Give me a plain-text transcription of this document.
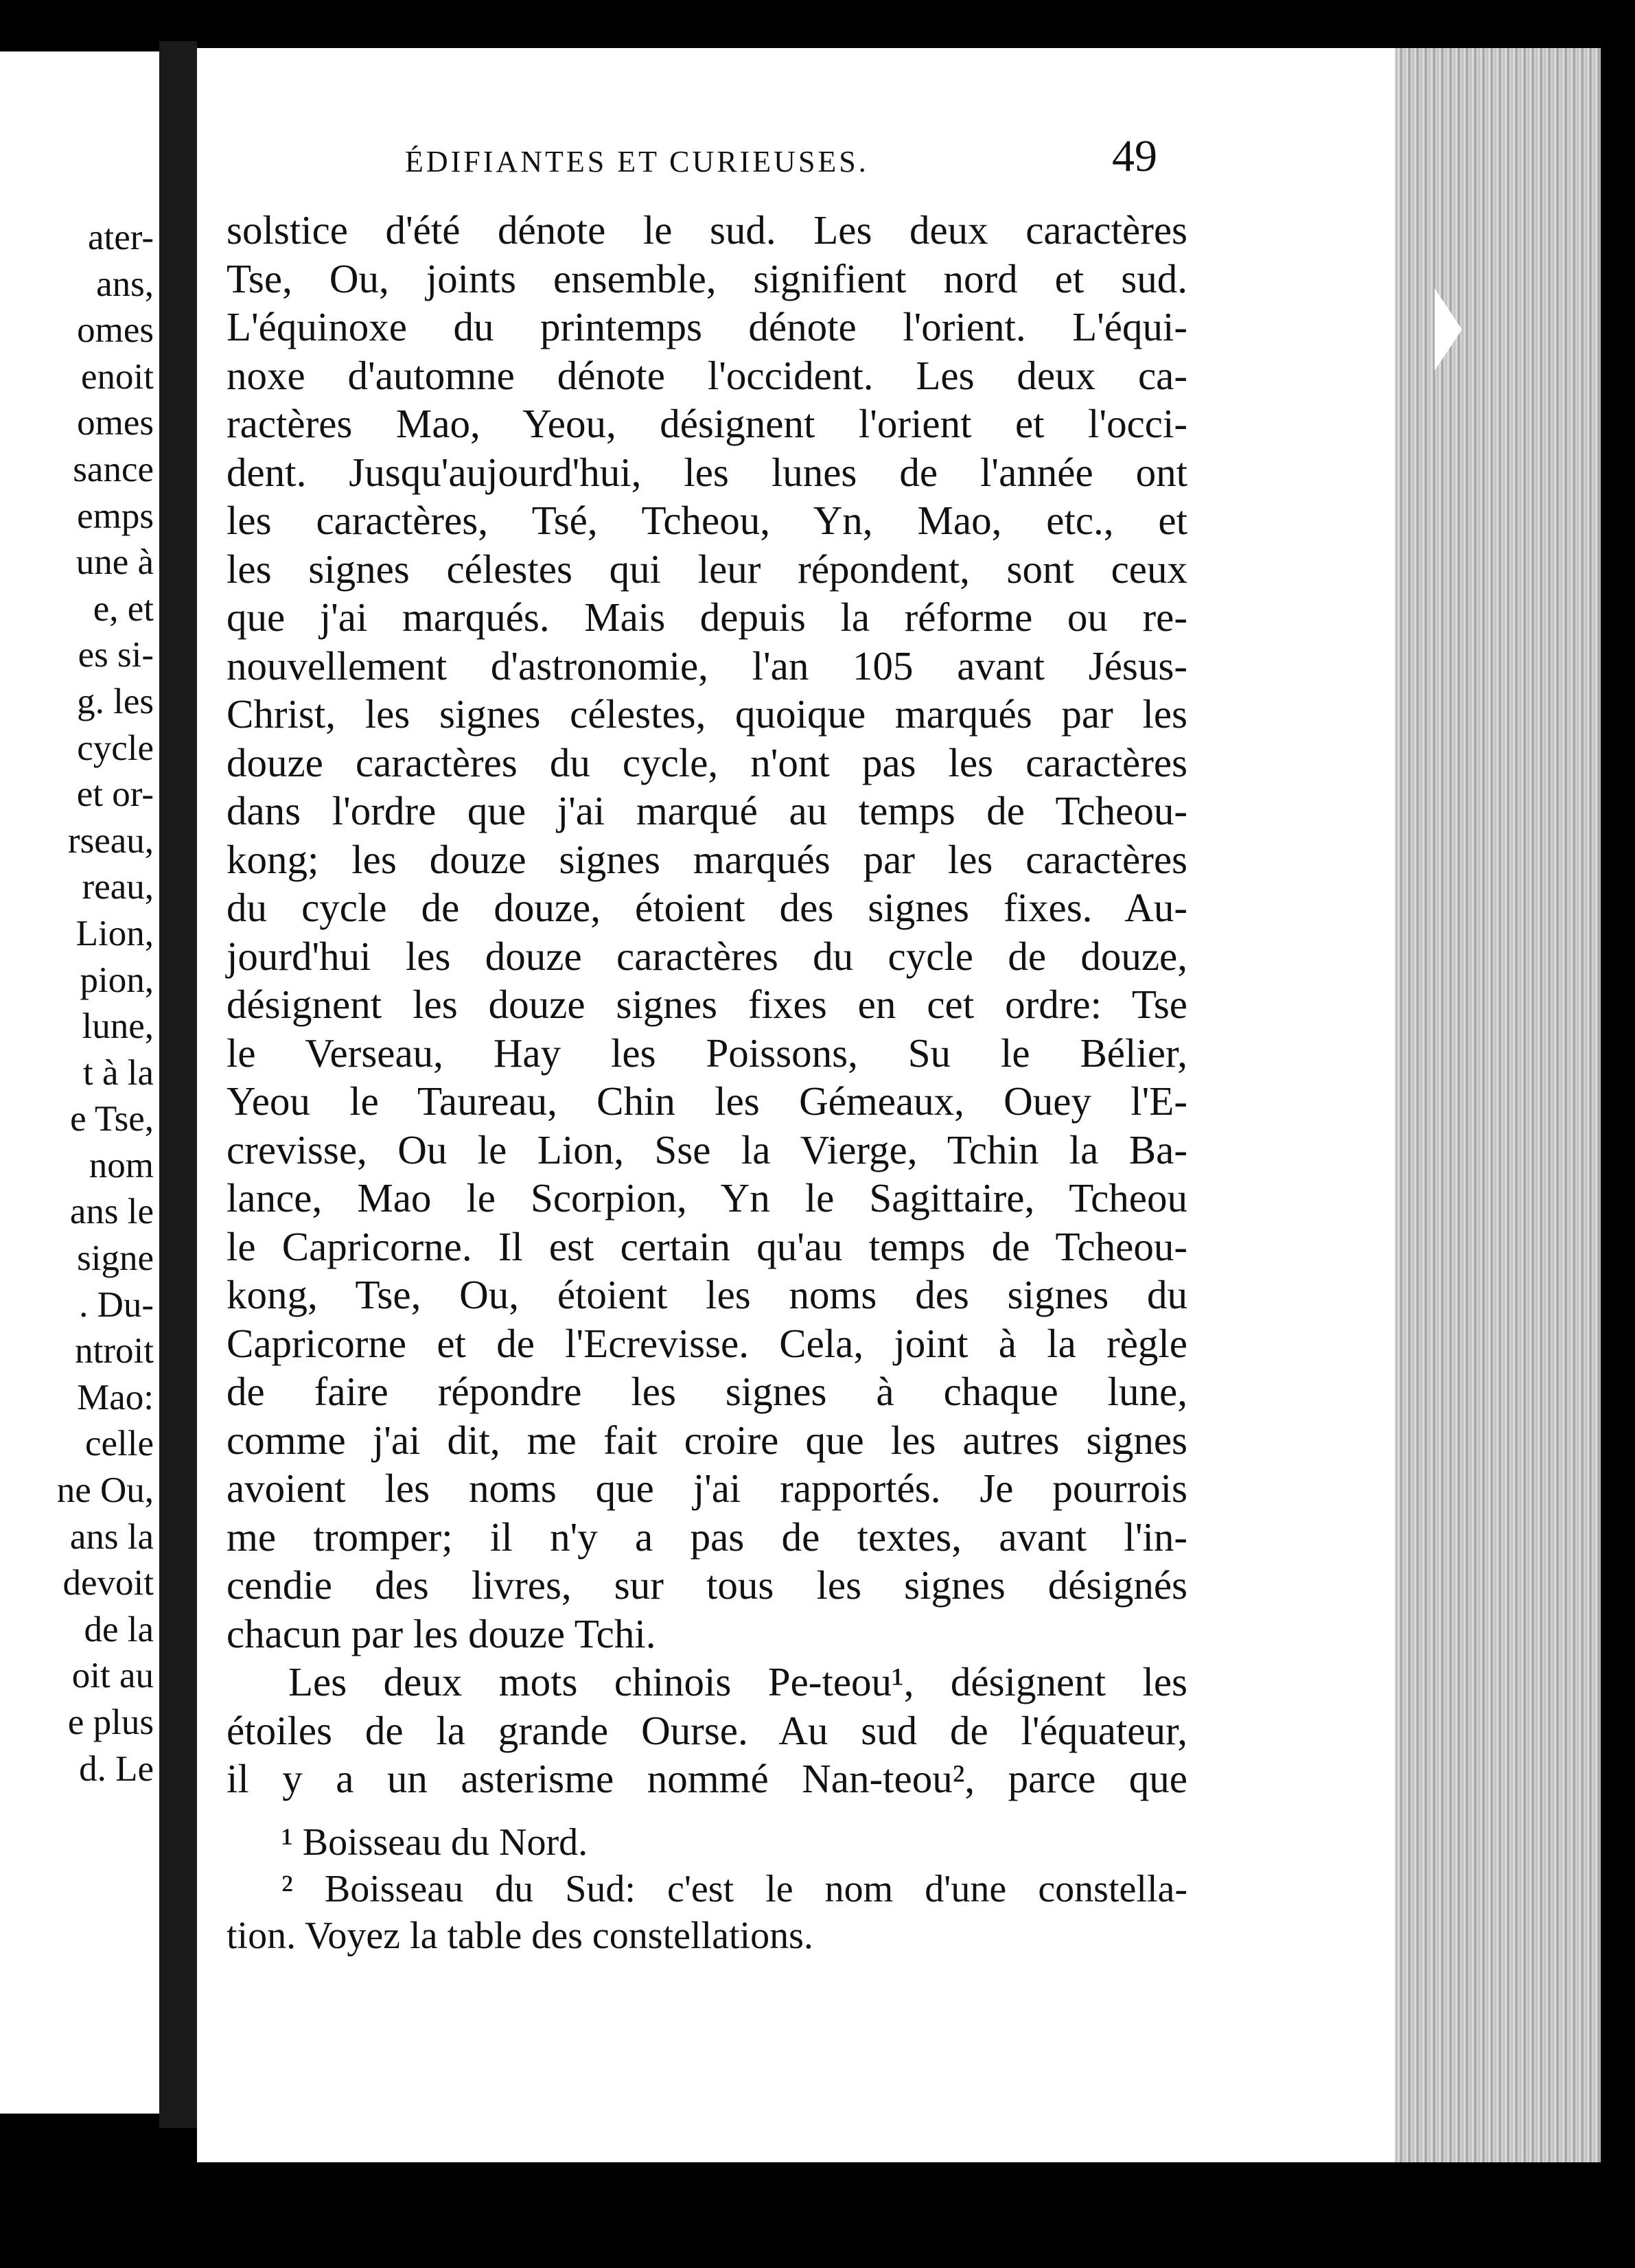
ater-
ans,
omes
enoit
omes
sance
emps
une à
e, et
es si-
g. les
cycle
et or-
rseau,
reau,
Lion,
pion,
lune,
t à la
e Tse,
nom
ans le
signe
. Du-
ntroit
Mao:
celle
ne Ou,
ans la
devoit
de la
oit au
e plus
d. Le
ÉDIFIANTES ET CURIEUSES.	49
solstice d'été dénote le sud. Les deux caractères
Tse, Ou, joints ensemble, signifient nord et sud.
L'équinoxe du printemps dénote l'orient. L'équi-
noxe d'automne dénote l'occident. Les deux ca-
ractères Mao, Yeou, désignent l'orient et l'occi-
dent. Jusqu'aujourd'hui, les lunes de l'année ont
les caractères, Tsé, Tcheou, Yn, Mao, etc., et
les signes célestes qui leur répondent, sont ceux
que j'ai marqués. Mais depuis la réforme ou re-
nouvellement d'astronomie, l'an 105 avant Jésus-
Christ, les signes célestes, quoique marqués par les
douze caractères du cycle, n'ont pas les caractères
dans l'ordre que j'ai marqué au temps de Tcheou-
kong; les douze signes marqués par les caractères
du cycle de douze, étoient des signes fixes. Au-
jourd'hui les douze caractères du cycle de douze,
désignent les douze signes fixes en cet ordre: Tse
le Verseau, Hay les Poissons, Su le Bélier,
Yeou le Taureau, Chin les Gémeaux, Ouey l'E-
crevisse, Ou le Lion, Sse la Vierge, Tchin la Ba-
lance, Mao le Scorpion, Yn le Sagittaire, Tcheou
le Capricorne. Il est certain qu'au temps de Tcheou-
kong, Tse, Ou, étoient les noms des signes du
Capricorne et de l'Ecrevisse. Cela, joint à la règle
de faire répondre les signes à chaque lune,
comme j'ai dit, me fait croire que les autres signes
avoient les noms que j'ai rapportés. Je pourrois
me tromper; il n'y a pas de textes, avant l'in-
cendie des livres, sur tous les signes désignés
chacun par les douze Tchi.
Les deux mots chinois Pe-teou¹, désignent les
étoiles de la grande Ourse. Au sud de l'équateur,
il y a un asterisme nommé Nan-teou², parce que
¹ Boisseau du Nord.
² Boisseau du Sud: c'est le nom d'une constella-
tion. Voyez la table des constellations.
